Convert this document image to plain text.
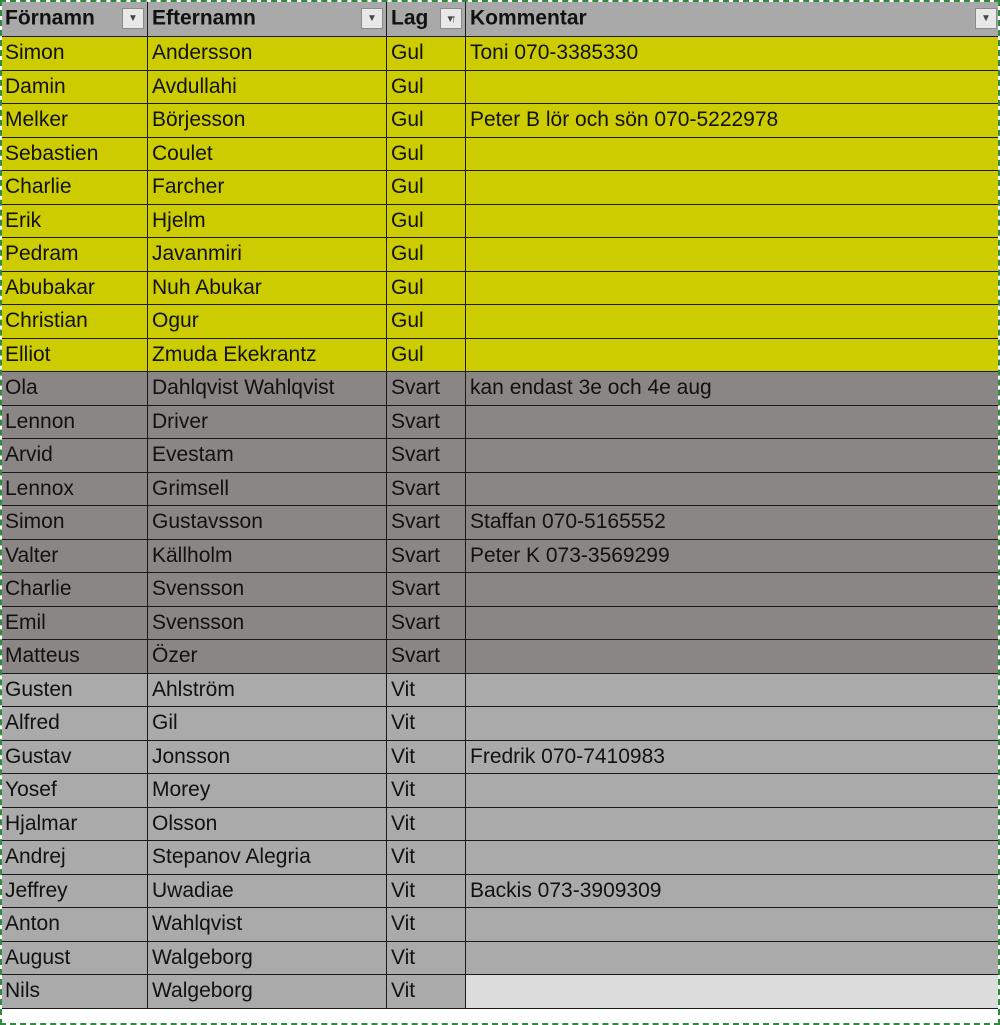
Förnamn ▼	Efternamn ▼	Lag ▾↑	Kommentar ▼

Simon	Andersson	Gul	Toni 070-3385330
Damin	Avdullahi	Gul	
Melker	Börjesson	Gul	Peter B lör och sön 070-5222978
Sebastien	Coulet	Gul	
Charlie	Farcher	Gul	
Erik	Hjelm	Gul	
Pedram	Javanmiri	Gul	
Abubakar	Nuh Abukar	Gul	
Christian	Ogur	Gul	
Elliot	Zmuda Ekekrantz	Gul	
Ola	Dahlqvist Wahlqvist	Svart	kan endast 3e och 4e aug
Lennon	Driver	Svart	
Arvid	Evestam	Svart	
Lennox	Grimsell	Svart	
Simon	Gustavsson	Svart	Staffan 070-5165552
Valter	Källholm	Svart	Peter K 073-3569299
Charlie	Svensson	Svart	
Emil	Svensson	Svart	
Matteus	Özer	Svart	
Gusten	Ahlström	Vit	
Alfred	Gil	Vit	
Gustav	Jonsson	Vit	Fredrik 070-7410983
Yosef	Morey	Vit	
Hjalmar	Olsson	Vit	
Andrej	Stepanov Alegria	Vit	
Jeffrey	Uwadiae	Vit	Backis 073-3909309
Anton	Wahlqvist	Vit	
August	Walgeborg	Vit	
Nils	Walgeborg	Vit	
